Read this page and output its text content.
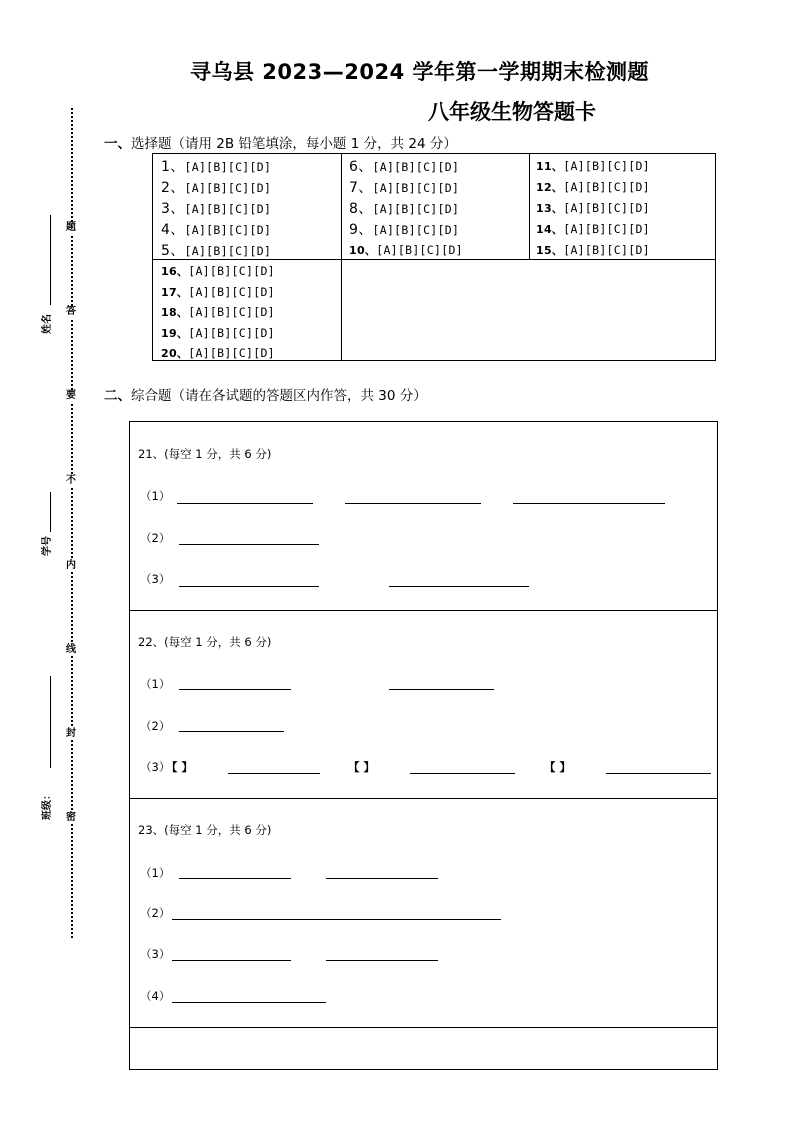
寻乌县 2023—2024 学年第一学期期末检测题
八年级生物答题卡
题
答
要
不
内
线
封
密
姓名
学号
班级：
一、选择题（请用 2B 铅笔填涂，每小题 1 分，共 24 分）
1、[A][B][C][D]
2、[A][B][C][D]
3、[A][B][C][D]
4、[A][B][C][D]
5、[A][B][C][D]
6、[A][B][C][D]
7、[A][B][C][D]
8、[A][B][C][D]
9、[A][B][C][D]
10、[A][B][C][D]
11、[A][B][C][D]
12、[A][B][C][D]
13、[A][B][C][D]
14、[A][B][C][D]
15、[A][B][C][D]
16、[A][B][C][D]
17、[A][B][C][D]
18、[A][B][C][D]
19、[A][B][C][D]
20、[A][B][C][D]
二、综合题（请在各试题的答题区内作答，共 30 分）
21、(每空 1 分，共 6 分)
（1）
（2）
（3）
22、(每空 1 分，共 6 分)
（1）
（2）
（3）
【 】	【 】	【 】
23、(每空 1 分，共 6 分)
（1）
（2）
（3）
（4）
